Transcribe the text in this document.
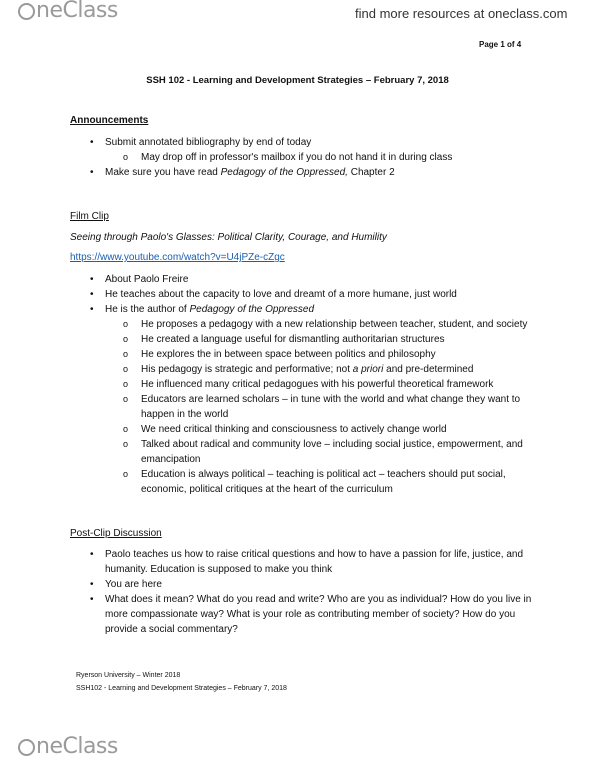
neClass	find more resources at oneclass.com
Page 1 of 4
SSH 102 - Learning and Development Strategies – February 7, 2018
Announcements
• Submit annotated bibliography by end of today
o May drop off in professor's mailbox if you do not hand it in during class
• Make sure you have read Pedagogy of the Oppressed, Chapter 2
Film Clip
Seeing through Paolo's Glasses: Political Clarity, Courage, and Humility
https://www.youtube.com/watch?v=U4jPZe-cZgc
• About Paolo Freire
• He teaches about the capacity to love and dreamt of a more humane, just world
• He is the author of Pedagogy of the Oppressed
o He proposes a pedagogy with a new relationship between teacher, student, and society
o He created a language useful for dismantling authoritarian structures
o He explores the in between space between politics and philosophy
o His pedagogy is strategic and performative; not a priori and pre-determined
o He influenced many critical pedagogues with his powerful theoretical framework
o Educators are learned scholars – in tune with the world and what change they want to happen in the world
o We need critical thinking and consciousness to actively change world
o Talked about radical and community love – including social justice, empowerment, and emancipation
o Education is always political – teaching is political act – teachers should put social, economic, political critiques at the heart of the curriculum
Post-Clip Discussion
• Paolo teaches us how to raise critical questions and how to have a passion for life, justice, and humanity. Education is supposed to make you think
• You are here
• What does it mean? What do you read and write? Who are you as individual? How do you live in more compassionate way? What is your role as contributing member of society? How do you provide a social commentary?
Ryerson University – Winter 2018
SSH102 - Learning and Development Strategies – February 7, 2018
neClass
